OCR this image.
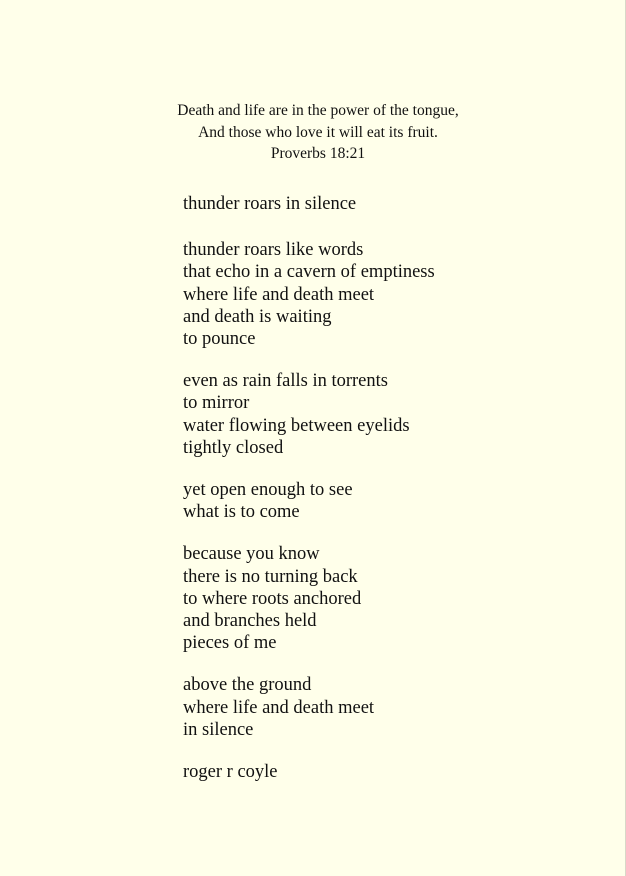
Death and life are in the power of the tongue,
And those who love it will eat its fruit.
Proverbs 18:21
thunder roars in silence
thunder roars like words
that echo in a cavern of emptiness
where life and death meet
and death is waiting
to pounce
even as rain falls in torrents
to mirror
water flowing between eyelids
tightly closed
yet open enough to see
what is to come
because you know
there is no turning back
to where roots anchored
and branches held
pieces of me
above the ground
where life and death meet
in silence
roger r coyle
